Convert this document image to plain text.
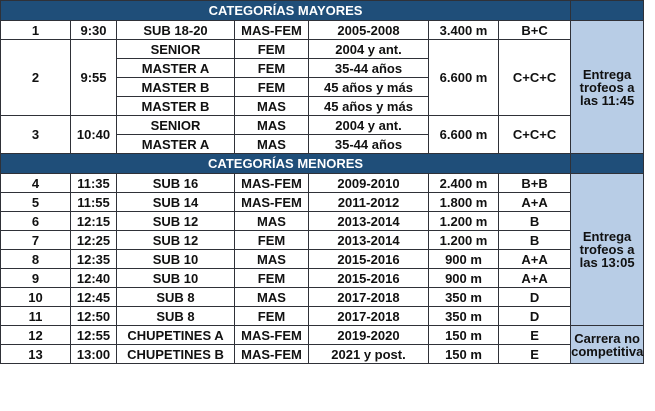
CATEGORÍAS MAYORES							
1	9:30	SUB 18-20	MAS-FEM	2005-2008	3.400 m	B+C	Entrega trofeos a las 11:45
2	9:55	SENIOR	FEM	2004 y ant.	6.600 m	C+C+C	
		MASTER A	FEM	35-44 años			
		MASTER B	FEM	45 años y más			
		MASTER B	MAS	45 años y más			
3	10:40	SENIOR	MAS	2004 y ant.	6.600 m	C+C+C	
		MASTER A	MAS	35-44 años			
CATEGORÍAS MENORES							
4	11:35	SUB 16	MAS-FEM	2009-2010	2.400 m	B+B	Entrega trofeos a las 13:05
5	11:55	SUB 14	MAS-FEM	2011-2012	1.800 m	A+A	
6	12:15	SUB 12	MAS	2013-2014	1.200 m	B	
7	12:25	SUB 12	FEM	2013-2014	1.200 m	B	
8	12:35	SUB 10	MAS	2015-2016	900 m	A+A	
9	12:40	SUB 10	FEM	2015-2016	900 m	A+A	
10	12:45	SUB 8	MAS	2017-2018	350 m	D	
11	12:50	SUB 8	FEM	2017-2018	350 m	D	
12	12:55	CHUPETINES A	MAS-FEM	2019-2020	150 m	E	Carrera no competitiva
13	13:00	CHUPETINES B	MAS-FEM	2021 y post.	150 m	E	
